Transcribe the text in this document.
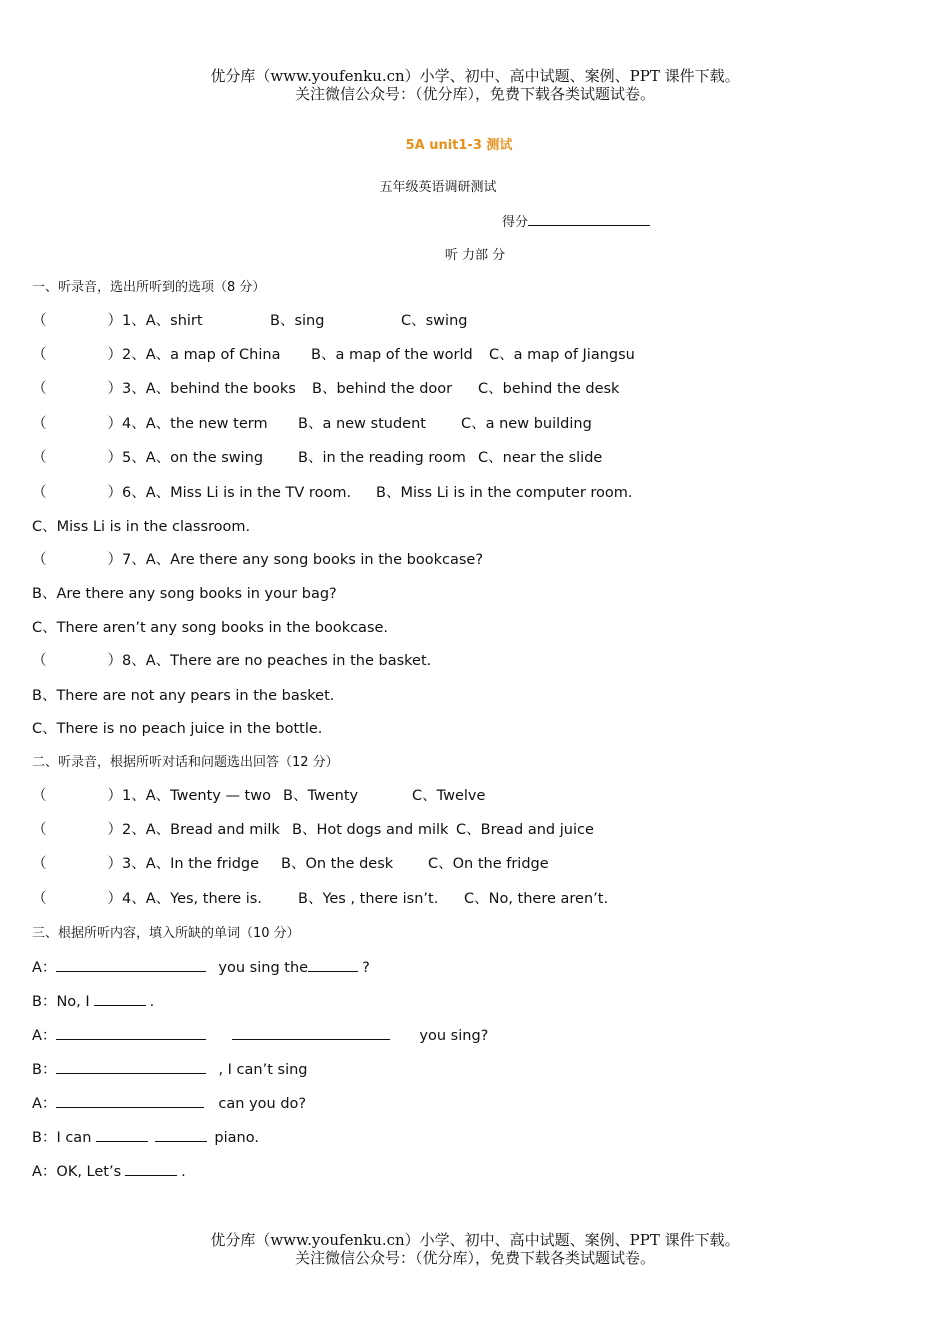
优分库（www.youfenku.cn）小学、初中、高中试题、案例、PPT 课件下载。
关注微信公众号：（优分库），免费下载各类试题试卷。
5A unit1-3 测试
五年级英语调研测试
得分
听 力部 分
一、听录音，选出所听到的选项（8 分）
（	） 1、A、shirt	B、sing	C、swing
（	） 2、A、a map of China B、a map of the world C、a map of Jiangsu
（	） 3、A、behind the books B、behind the door C、behind the desk
（	） 4、A、the new term B、a new student C、a new building
（	） 5、A、on the swing B、in the reading room C、near the slide
（	） 6、A、Miss Li is in the TV room. B、Miss Li is in the computer room.
C、Miss Li is in the classroom.
（	） 7、A、Are there any song books in the bookcase?
B、Are there any song books in your bag?
C、There aren’t any song books in the bookcase.
（	） 8、A、There are no peaches in the basket.
B、There are not any pears in the basket.
C、There is no peach juice in the bottle.
二、听录音，根据所听对话和问题选出回答（12 分）
（	） 1、A、Twenty — two B、Twenty	C、Twelve
（	） 2、A、Bread and milk B、Hot dogs and milk C、Bread and juice
（	） 3、A、In the fridge B、On the desk C、On the fridge
（	） 4、A、Yes, there is. B、Yes , there isn’t. C、No, there aren’t.
三、根据所听内容，填入所缺的单词（10 分）
A：	you sing the	?
B：No, I	.
A：	you sing?
B：	, I can’t sing
A：	can you do?
B：I can	piano.
A：OK, Let’s	.
优分库（www.youfenku.cn）小学、初中、高中试题、案例、PPT 课件下载。
关注微信公众号：（优分库），免费下载各类试题试卷。
